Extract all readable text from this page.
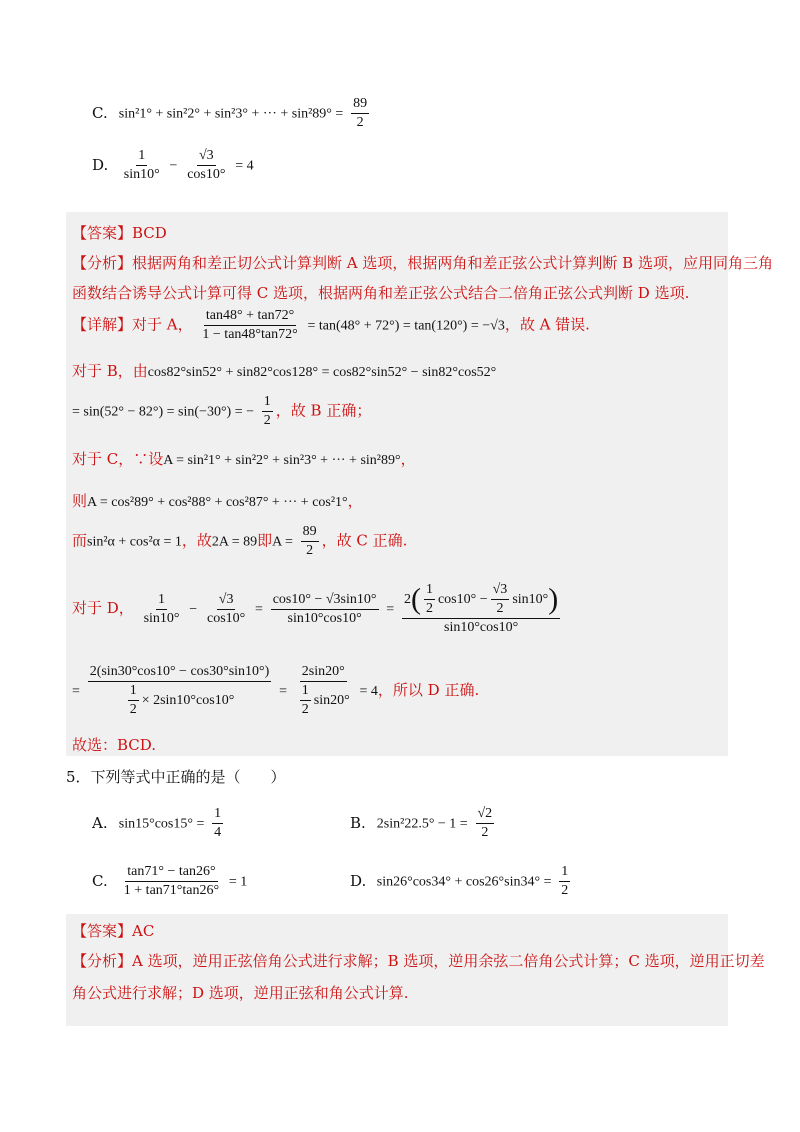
C. sin²1° + sin²2° + sin²3° + ··· + $\sin^289^\circ = \frac{89}{2}$
D. $\frac{1}{\sin 10^\circ} - \frac{√3}{\cos 10^\circ} = 4$
【答案】BCD
【分析】根据两角和差正切公式计算判断 A 选项，根据两角和差正弦公式计算判断 B 选项，应用同角三角
函数结合诱导公式计算可得 C 选项，根据两角和差正弦公式结合二倍角正弦公式判断 D 选项.
【详解】对于 A， $\frac{\tan 48^\circ + \tan 72^\circ}{1 - \tan 48^\circ\tan 72^\circ} = \tan(48^\circ + 72^\circ) = \tan(120^\circ) = -√3$，故 A 错误.
对于 B，由cos82°sin52° + sin82°cos128° = cos82°sin52° − sin82°cos52°
= sin(52° − 82°) = sin(−30°) = − $\frac{1}{2}$ ，故 B 正确；
对于 C，∵设A = sin²1° + sin²2° + sin²3° + ··· + sin²89°，
则A = cos²89° + cos²88° + cos²87° + ··· + cos²1°，
而sin²α + cos²α = 1，故2A = 89即$A = \frac{89}{2}$ ，故 C 正确.
对于 D， $\frac{1}{\sin 10^\circ} - \frac{√3}{\cos 10^\circ} = \frac{\cos 10^\circ - √3\sin 10^\circ}{\sin 10^\circ\cos 10^\circ} = \frac{2( \frac{1}{2} \cos 10^\circ - \frac{√3}{2} \sin 10^\circ)}{\sin 10^\circ\cos 10^\circ}$
= $\frac{2(\sin 30^\circ\cos 10^\circ - \cos 30^\circ\sin 10^\circ)}{\frac{1}{2} \times 2\sin 10^\circ\cos 10^\circ} = \frac{2\sin 20^\circ}{\frac{1}{2} \sin 20^\circ} = 4$，所以 D 正确.
故选：BCD.
5．下列等式中正确的是（　　）
A. $\sin 15^\circ\cos 15^\circ = \frac{1}{4}$	B. $2\sin^222.5^\circ - 1 = \frac{√2}{2}$
C. $\frac{\tan 71^\circ - \tan 26^\circ}{1 + \tan 71^\circ\tan 26^\circ} = 1$	D. $\sin 26^\circ\cos 34^\circ + \cos 26^\circ\sin 34^\circ = \frac{1}{2}$
【答案】AC
【分析】A 选项，逆用正弦倍角公式进行求解；B 选项，逆用余弦二倍角公式计算；C 选项，逆用正切差
角公式进行求解；D 选项，逆用正弦和角公式计算.
